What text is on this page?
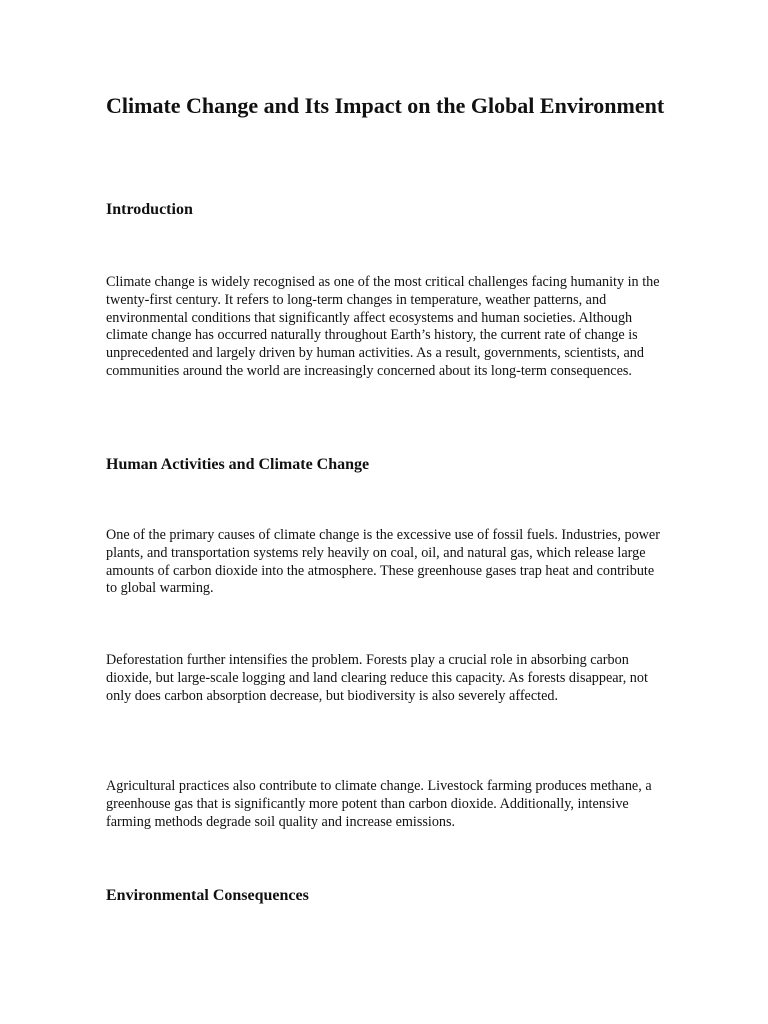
Climate Change and Its Impact on the Global Environment
Introduction

Climate change is widely recognised as one of the most critical challenges facing humanity in the twenty-first century. It refers to long-term changes in temperature, weather patterns, and environmental conditions that significantly affect ecosystems and human societies. Although climate change has occurred naturally throughout Earth’s history, the current rate of change is unprecedented and largely driven by human activities. As a result, governments, scientists, and communities around the world are increasingly concerned about its long-term consequences.

Human Activities and Climate Change

One of the primary causes of climate change is the excessive use of fossil fuels. Industries, power plants, and transportation systems rely heavily on coal, oil, and natural gas, which release large amounts of carbon dioxide into the atmosphere. These greenhouse gases trap heat and contribute to global warming.

Deforestation further intensifies the problem. Forests play a crucial role in absorbing carbon dioxide, but large-scale logging and land clearing reduce this capacity. As forests disappear, not only does carbon absorption decrease, but biodiversity is also severely affected.

Agricultural practices also contribute to climate change. Livestock farming produces methane, a greenhouse gas that is significantly more potent than carbon dioxide. Additionally, intensive farming methods degrade soil quality and increase emissions.

Environmental Consequences
